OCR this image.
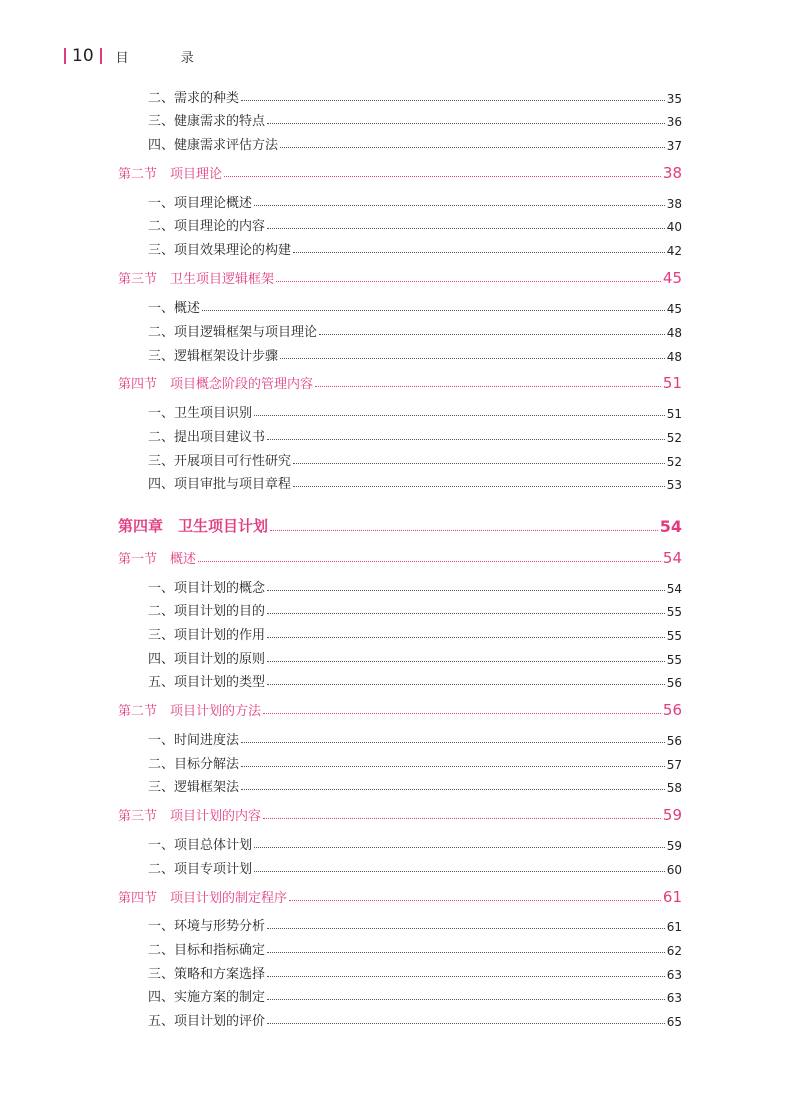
10 目 录
二、需求的种类	35
三、健康需求的特点	36
四、健康需求评估方法	37
第二节　项目理论	38
一、项目理论概述	38
二、项目理论的内容	40
三、项目效果理论的构建	42
第三节　卫生项目逻辑框架	45
一、概述	45
二、项目逻辑框架与项目理论	48
三、逻辑框架设计步骤	48
第四节　项目概念阶段的管理内容	51
一、卫生项目识别	51
二、提出项目建议书	52
三、开展项目可行性研究	52
四、项目审批与项目章程	53
第四章　卫生项目计划	54
第一节　概述	54
一、项目计划的概念	54
二、项目计划的目的	55
三、项目计划的作用	55
四、项目计划的原则	55
五、项目计划的类型	56
第二节　项目计划的方法	56
一、时间进度法	56
二、目标分解法	57
三、逻辑框架法	58
第三节　项目计划的内容	59
一、项目总体计划	59
二、项目专项计划	60
第四节　项目计划的制定程序	61
一、环境与形势分析	61
二、目标和指标确定	62
三、策略和方案选择	63
四、实施方案的制定	63
五、项目计划的评价	65
